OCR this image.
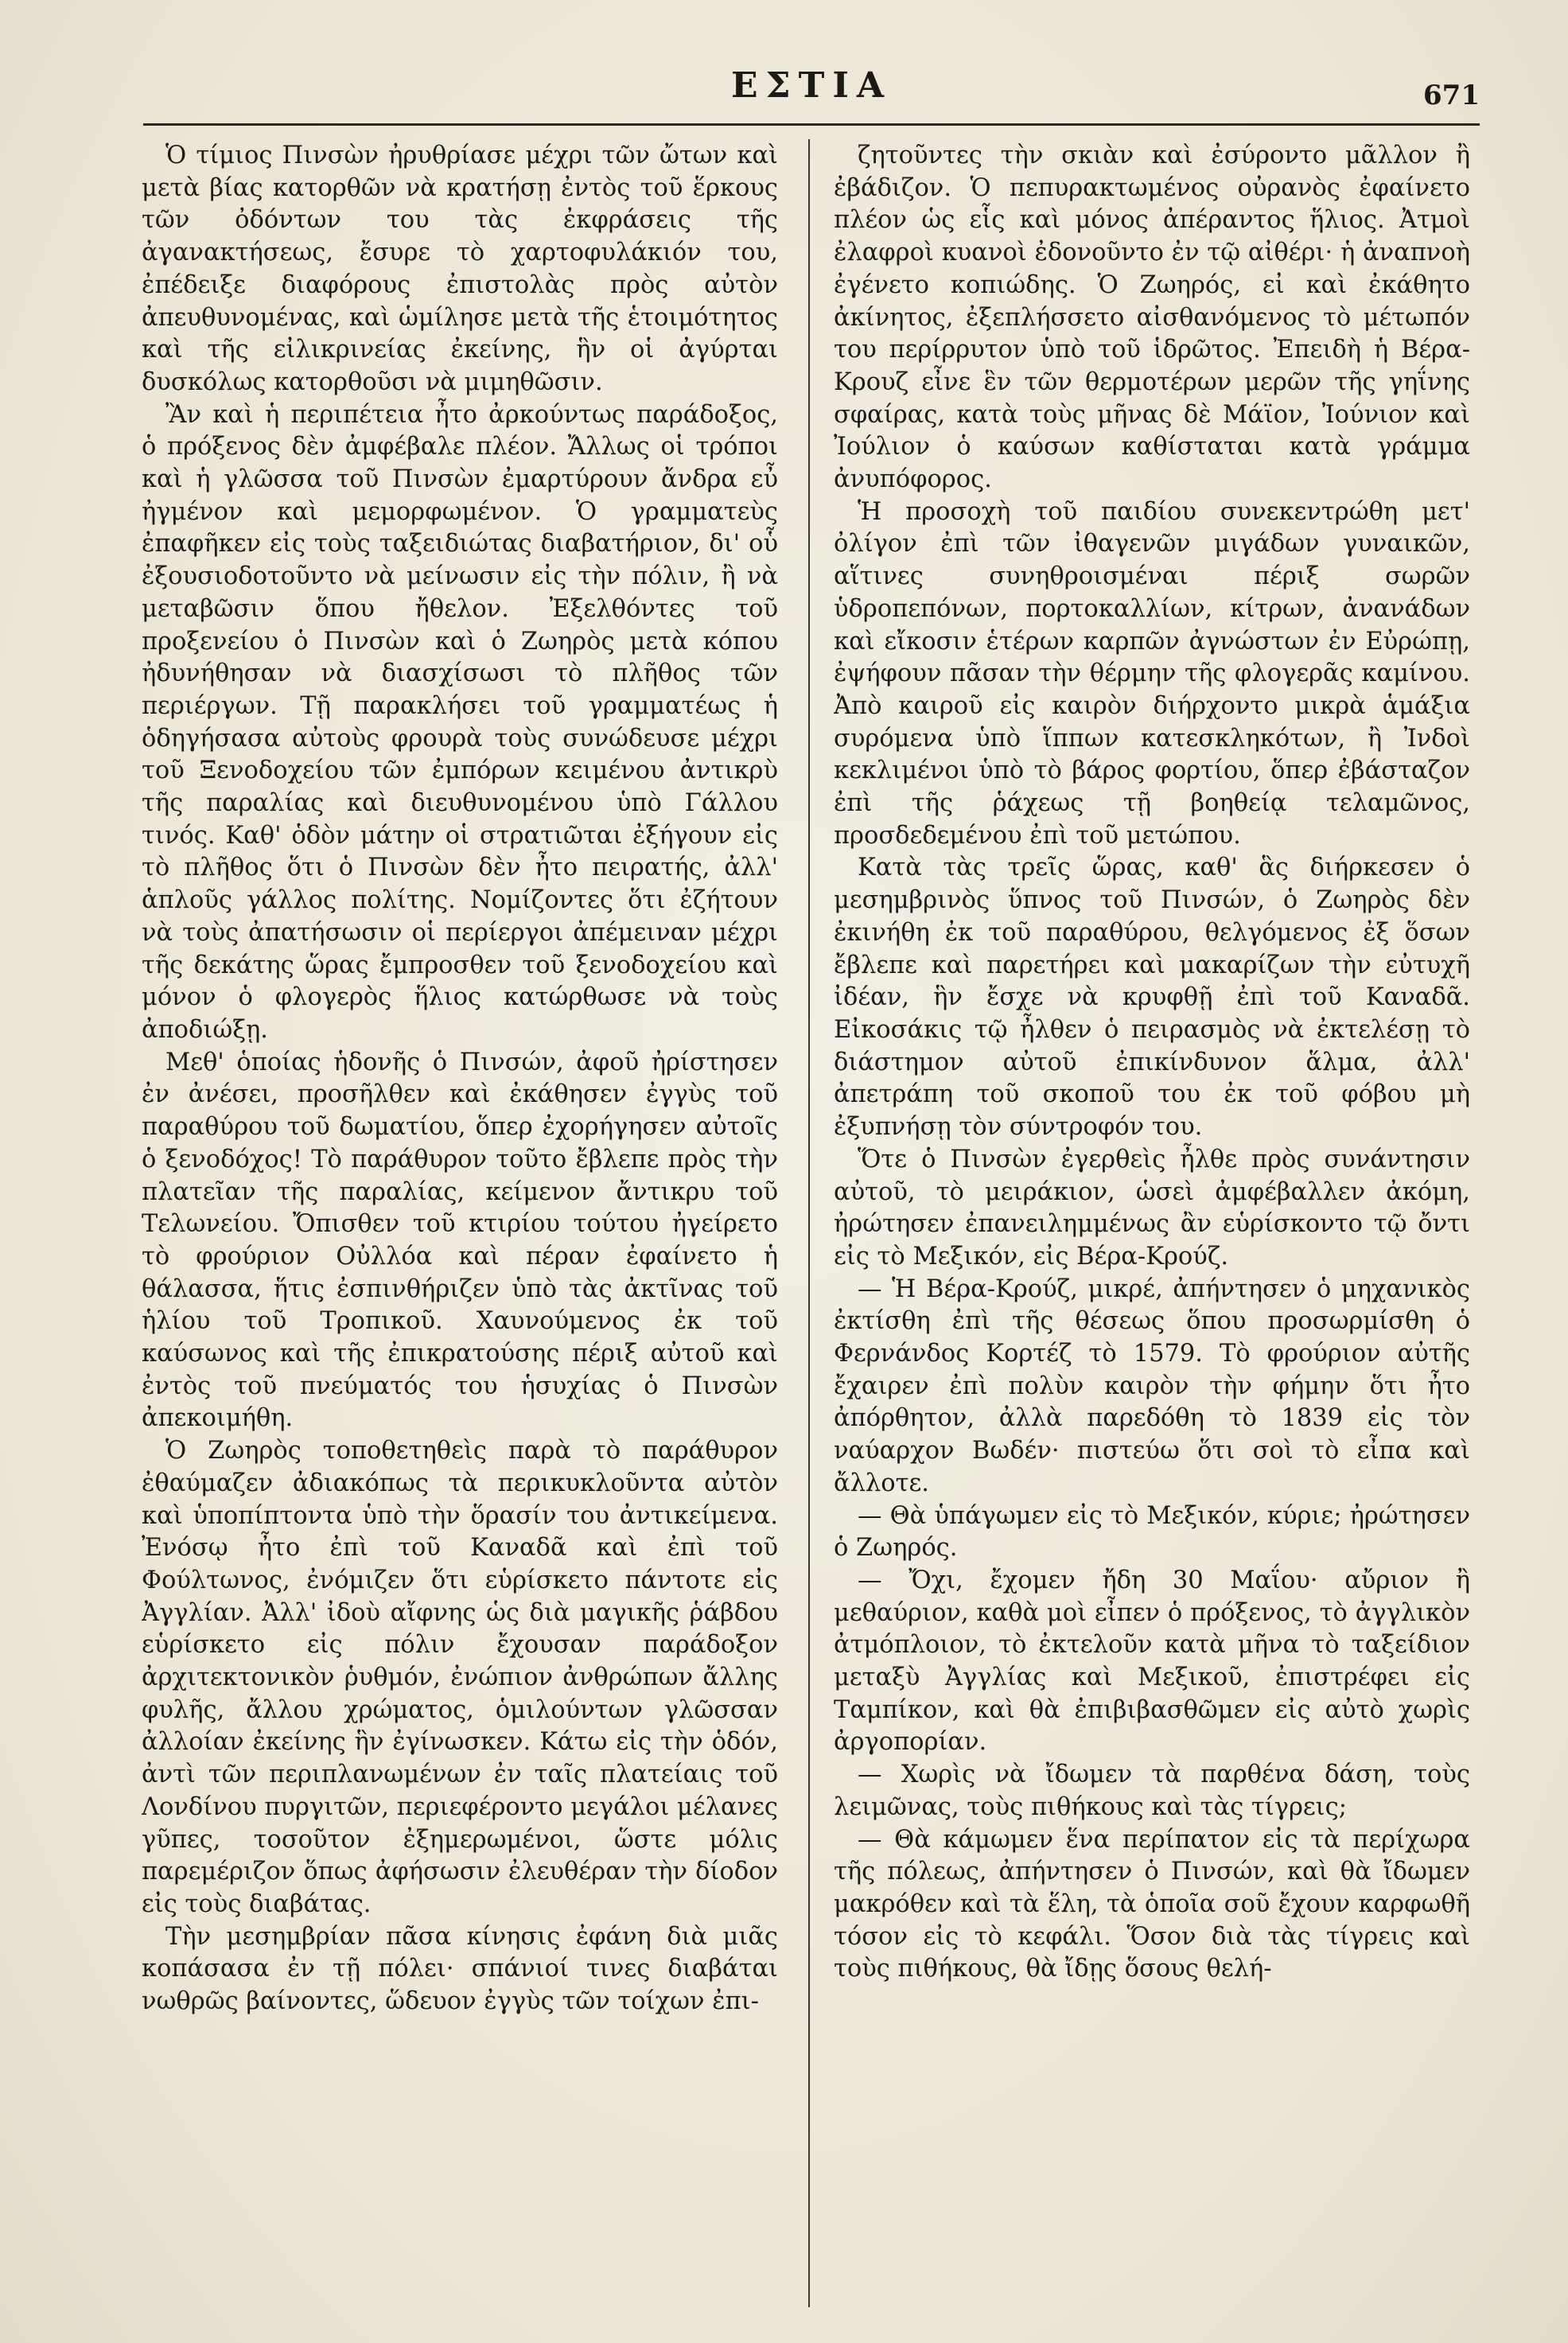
ΕΣΤΙΑ	671

Ὁ τίμιος Πινσὼν ἠρυθρίασε μέχρι τῶν ὤτων καὶ μετὰ βίας κατορθῶν νὰ κρατήσῃ ἐντὸς τοῦ ἕρκους τῶν ὀδόντων του τὰς ἐκφράσεις τῆς ἀγανακτήσεως, ἔσυρε τὸ χαρτοφυλάκιόν του, ἐπέδειξε διαφόρους ἐπιστολὰς πρὸς αὐτὸν ἀπευθυνομένας, καὶ ὡμίλησε μετὰ τῆς ἑτοιμότητος καὶ τῆς εἰλικρινείας ἐκείνης, ἣν οἱ ἀγύρται δυσκόλως κατορθοῦσι νὰ μιμηθῶσιν.

Ἂν καὶ ἡ περιπέτεια ἦτο ἀρκούντως παράδοξος, ὁ πρόξενος δὲν ἀμφέβαλε πλέον. Ἄλλως οἱ τρόποι καὶ ἡ γλῶσσα τοῦ Πινσὼν ἐμαρτύρουν ἄνδρα εὖ ἠγμένον καὶ μεμορφωμένον. Ὁ γραμματεὺς ἐπαφῆκεν εἰς τοὺς ταξειδιώτας διαβατήριον, δι' οὗ ἐξουσιοδοτοῦντο νὰ μείνωσιν εἰς τὴν πόλιν, ἢ νὰ μεταβῶσιν ὅπου ἤθελον. Ἐξελθόντες τοῦ προξενείου ὁ Πινσὼν καὶ ὁ Ζωηρὸς μετὰ κόπου ἠδυνήθησαν νὰ διασχίσωσι τὸ πλῆθος τῶν περιέργων. Τῇ παρακλήσει τοῦ γραμματέως ἡ ὁδηγήσασα αὐτοὺς φρουρὰ τοὺς συνώδευσε μέχρι τοῦ Ξενοδοχείου τῶν ἐμπόρων κειμένου ἀντικρὺ τῆς παραλίας καὶ διευθυνομένου ὑπὸ Γάλλου τινός. Καθ' ὁδὸν μάτην οἱ στρατιῶται ἐξήγουν εἰς τὸ πλῆθος ὅτι ὁ Πινσὼν δὲν ἦτο πειρατής, ἀλλ' ἁπλοῦς γάλλος πολίτης. Νομίζοντες ὅτι ἐζήτουν νὰ τοὺς ἀπατήσωσιν οἱ περίεργοι ἀπέμειναν μέχρι τῆς δεκάτης ὥρας ἔμπροσθεν τοῦ ξενοδοχείου καὶ μόνον ὁ φλογερὸς ἥλιος κατώρθωσε νὰ τοὺς ἀποδιώξῃ.

Μεθ' ὁποίας ἡδονῆς ὁ Πινσών, ἀφοῦ ἠρίστησεν ἐν ἀνέσει, προσῆλθεν καὶ ἐκάθησεν ἐγγὺς τοῦ παραθύρου τοῦ δωματίου, ὅπερ ἐχορήγησεν αὐτοῖς ὁ ξενοδόχος! Τὸ παράθυρον τοῦτο ἔβλεπε πρὸς τὴν πλατεῖαν τῆς παραλίας, κείμενον ἄντικρυ τοῦ Τελωνείου. Ὄπισθεν τοῦ κτιρίου τούτου ἠγείρετο τὸ φρούριον Οὐλλόα καὶ πέραν ἐφαίνετο ἡ θάλασσα, ἥτις ἐσπινθήριζεν ὑπὸ τὰς ἀκτῖνας τοῦ ἡλίου τοῦ Τροπικοῦ. Χαυνούμενος ἐκ τοῦ καύσωνος καὶ τῆς ἐπικρατούσης πέριξ αὐτοῦ καὶ ἐντὸς τοῦ πνεύματός του ἡσυχίας ὁ Πινσὼν ἀπεκοιμήθη.

Ὁ Ζωηρὸς τοποθετηθεὶς παρὰ τὸ παράθυρον ἐθαύμαζεν ἀδιακόπως τὰ περικυκλοῦντα αὐτὸν καὶ ὑποπίπτοντα ὑπὸ τὴν ὅρασίν του ἀντικείμενα. Ἐνόσῳ ἦτο ἐπὶ τοῦ Καναδᾶ καὶ ἐπὶ τοῦ Φούλτωνος, ἐνόμιζεν ὅτι εὑρίσκετο πάντοτε εἰς Ἀγγλίαν. Ἀλλ' ἰδοὺ αἴφνης ὡς διὰ μαγικῆς ῥάβδου εὑρίσκετο εἰς πόλιν ἔχουσαν παράδοξον ἀρχιτεκτονικὸν ῥυθμόν, ἐνώπιον ἀνθρώπων ἄλλης φυλῆς, ἄλλου χρώματος, ὁμιλούντων γλῶσσαν ἀλλοίαν ἐκείνης ἣν ἐγίνωσκεν. Κάτω εἰς τὴν ὁδόν, ἀντὶ τῶν περιπλανωμένων ἐν ταῖς πλατείαις τοῦ Λονδίνου πυργιτῶν, περιεφέροντο μεγάλοι μέλανες γῦπες, τοσοῦτον ἐξημερωμένοι, ὥστε μόλις παρεμέριζον ὅπως ἀφήσωσιν ἐλευθέραν τὴν δίοδον εἰς τοὺς διαβάτας.

Τὴν μεσημβρίαν πᾶσα κίνησις ἐφάνη διὰ μιᾶς κοπάσασα ἐν τῇ πόλει· σπάνιοί τινες διαβάται νωθρῶς βαίνοντες, ὥδευον ἐγγὺς τῶν τοίχων ἐπι-

ζητοῦντες τὴν σκιὰν καὶ ἐσύροντο μᾶλλον ἢ ἐβάδιζον. Ὁ πεπυρακτωμένος οὐρανὸς ἐφαίνετο πλέον ὡς εἷς καὶ μόνος ἀπέραντος ἥλιος. Ἀτμοὶ ἐλαφροὶ κυανοὶ ἐδονοῦντο ἐν τῷ αἰθέρι· ἡ ἀναπνοὴ ἐγένετο κοπιώδης. Ὁ Ζωηρός, εἰ καὶ ἐκάθητο ἀκίνητος, ἐξεπλήσσετο αἰσθανόμενος τὸ μέτωπόν του περίρρυτον ὑπὸ τοῦ ἱδρῶτος. Ἐπειδὴ ἡ Βέρα-Κρουζ εἶνε ἓν τῶν θερμοτέρων μερῶν τῆς γηΐνης σφαίρας, κατὰ τοὺς μῆνας δὲ Μάϊον, Ἰούνιον καὶ Ἰούλιον ὁ καύσων καθίσταται κατὰ γράμμα ἀνυπόφορος.

Ἡ προσοχὴ τοῦ παιδίου συνεκεντρώθη μετ' ὀλίγον ἐπὶ τῶν ἰθαγενῶν μιγάδων γυναικῶν, αἵτινες συνηθροισμέναι πέριξ σωρῶν ὑδροπεπόνων, πορτοκαλλίων, κίτρων, ἀνανάδων καὶ εἴκοσιν ἑτέρων καρπῶν ἀγνώστων ἐν Εὐρώπῃ, ἐψήφουν πᾶσαν τὴν θέρμην τῆς φλογερᾶς καμίνου. Ἀπὸ καιροῦ εἰς καιρὸν διήρχοντο μικρὰ ἁμάξια συρόμενα ὑπὸ ἵππων κατεσκληκότων, ἢ Ἰνδοὶ κεκλιμένοι ὑπὸ τὸ βάρος φορτίου, ὅπερ ἐβάσταζον ἐπὶ τῆς ῥάχεως τῇ βοηθείᾳ τελαμῶνος, προσδεδεμένου ἐπὶ τοῦ μετώπου.

Κατὰ τὰς τρεῖς ὥρας, καθ' ἃς διήρκεσεν ὁ μεσημβρινὸς ὕπνος τοῦ Πινσών, ὁ Ζωηρὸς δὲν ἐκινήθη ἐκ τοῦ παραθύρου, θελγόμενος ἐξ ὅσων ἔβλεπε καὶ παρετήρει καὶ μακαρίζων τὴν εὐτυχῆ ἰδέαν, ἣν ἔσχε νὰ κρυφθῇ ἐπὶ τοῦ Καναδᾶ. Εἰκοσάκις τῷ ἦλθεν ὁ πειρασμὸς νὰ ἐκτελέσῃ τὸ διάστημον αὐτοῦ ἐπικίνδυνον ἅλμα, ἀλλ' ἀπετράπη τοῦ σκοποῦ του ἐκ τοῦ φόβου μὴ ἐξυπνήσῃ τὸν σύντροφόν του.

Ὅτε ὁ Πινσὼν ἐγερθεὶς ἦλθε πρὸς συνάντησιν αὐτοῦ, τὸ μειράκιον, ὡσεὶ ἀμφέβαλλεν ἀκόμη, ἠρώτησεν ἐπανειλημμένως ἂν εὑρίσκοντο τῷ ὄντι εἰς τὸ Μεξικόν, εἰς Βέρα-Κρούζ.

— Ἡ Βέρα-Κρούζ, μικρέ, ἀπήντησεν ὁ μηχανικὸς ἐκτίσθη ἐπὶ τῆς θέσεως ὅπου προσωρμίσθη ὁ Φερνάνδος Κορτέζ τὸ 1579. Τὸ φρούριον αὐτῆς ἔχαιρεν ἐπὶ πολὺν καιρὸν τὴν φήμην ὅτι ἦτο ἀπόρθητον, ἀλλὰ παρεδόθη τὸ 1839 εἰς τὸν ναύαρχον Βωδέν· πιστεύω ὅτι σοὶ τὸ εἶπα καὶ ἄλλοτε.

— Θὰ ὑπάγωμεν εἰς τὸ Μεξικόν, κύριε; ἠρώτησεν ὁ Ζωηρός.

— Ὄχι, ἔχομεν ἤδη 30 Μαΐου· αὔριον ἢ μεθαύριον, καθὰ μοὶ εἶπεν ὁ πρόξενος, τὸ ἀγγλικὸν ἀτμόπλοιον, τὸ ἐκτελοῦν κατὰ μῆνα τὸ ταξείδιον μεταξὺ Ἀγγλίας καὶ Μεξικοῦ, ἐπιστρέφει εἰς Ταμπίκον, καὶ θὰ ἐπιβιβασθῶμεν εἰς αὐτὸ χωρὶς ἀργοπορίαν.

— Χωρὶς νὰ ἴδωμεν τὰ παρθένα δάση, τοὺς λειμῶνας, τοὺς πιθήκους καὶ τὰς τίγρεις;

— Θὰ κάμωμεν ἕνα περίπατον εἰς τὰ περίχωρα τῆς πόλεως, ἀπήντησεν ὁ Πινσών, καὶ θὰ ἴδωμεν μακρόθεν καὶ τὰ ἕλη, τὰ ὁποῖα σοῦ ἔχουν καρφωθῆ τόσον εἰς τὸ κεφάλι. Ὅσον διὰ τὰς τίγρεις καὶ τοὺς πιθήκους, θὰ ἴδῃς ὅσους θελή-
